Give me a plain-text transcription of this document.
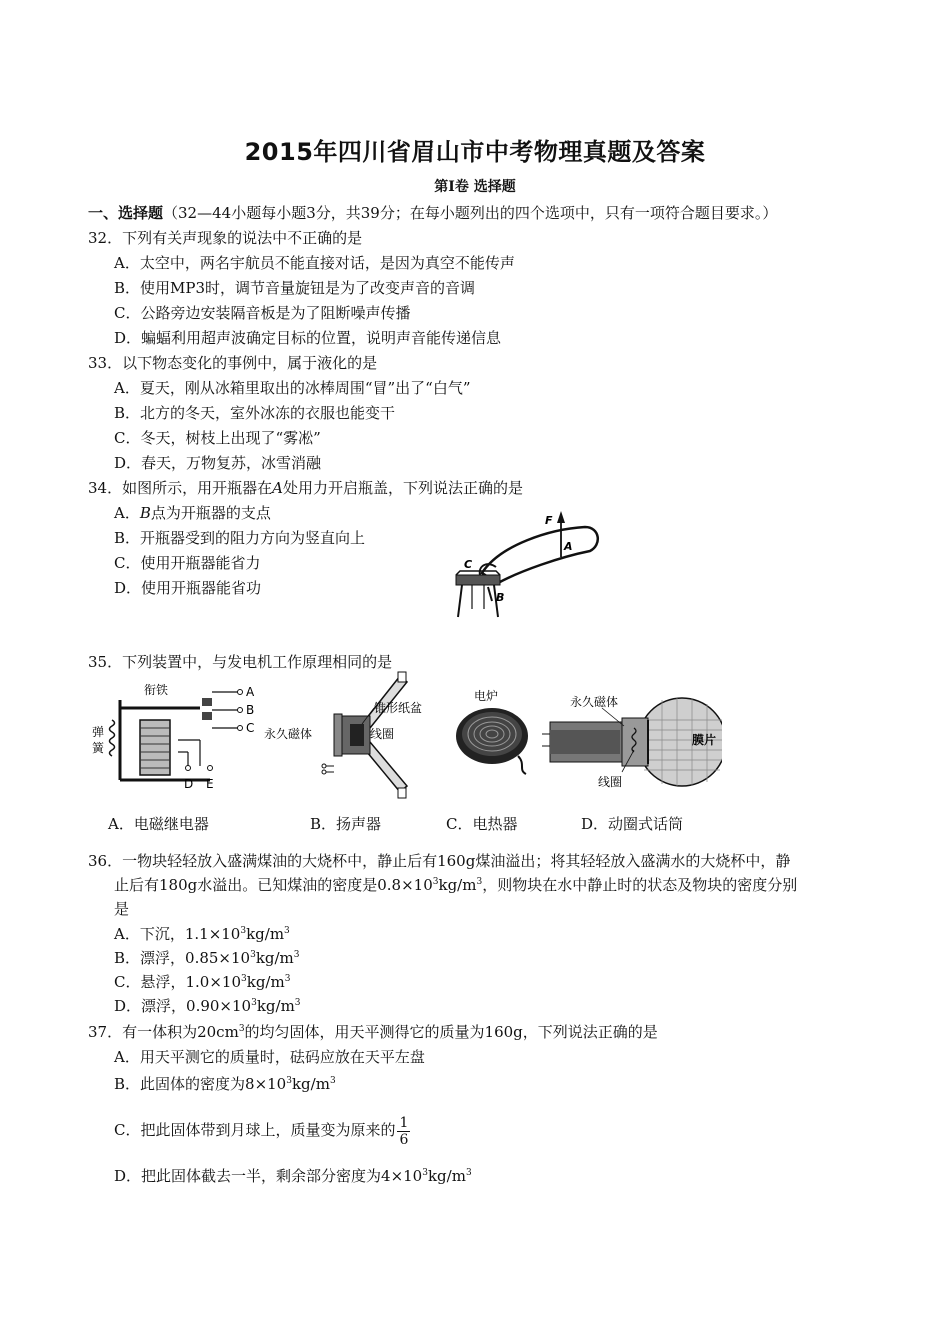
2015年四川省眉山市中考物理真题及答案
第Ⅰ卷 选择题
一、选择题（32—44小题每小题3分，共39分；在每小题列出的四个选项中，只有一项符合题目要求。）
32．下列有关声现象的说法中不正确的是
A．太空中，两名宇航员不能直接对话，是因为真空不能传声
B．使用MP3时，调节音量旋钮是为了改变声音的音调
C．公路旁边安装隔音板是为了阻断噪声传播
D．蝙蝠利用超声波确定目标的位置，说明声音能传递信息
33．以下物态变化的事例中，属于液化的是
A．夏天，刚从冰箱里取出的冰棒周围“冒”出了“白气”
B．北方的冬天，室外冰冻的衣服也能变干
C．冬天，树枝上出现了“雾凇”
D．春天，万物复苏，冰雪消融
34．如图所示，用开瓶器在A处用力开启瓶盖，下列说法正确的是
A．B点为开瓶器的支点
B．开瓶器受到的阻力方向为竖直向上
C．使用开瓶器能省力
D．使用开瓶器能省功
F
A
B
C
35．下列装置中，与发电机工作原理相同的是
衔铁
弹
簧
A
B
C
D E
锥形纸盆
永久磁体	线圈
电炉	永久磁体
膜片
线圈
A．电磁继电器	B．扬声器	C．电热器	D．动圈式话筒
36．一物块轻轻放入盛满煤油的大烧杯中，静止后有160g煤油溢出；将其轻轻放入盛满水的大烧杯中，静
止后有180g水溢出。已知煤油的密度是$0.8\times 10^3kg/m^3$，则物块在水中静止时的状态及物块的密度分别
是
A．下沉，$1.1\times 10^3kg/m^3$
B．漂浮，$0.85\times 10^3kg/m^3$
C．悬浮，$1.0\times 10^3kg/m^3$
D．漂浮，$0.90\times 10^3kg/m^3$
37．有一体积为$20cm^3$的均匀固体，用天平测得它的质量为160g，下列说法正确的是
A．用天平测它的质量时，砝码应放在天平左盘
B．此固体的密度为$8\times 10^3kg/m^3$
C．把此固体带到月球上，质量变为原来的 $\frac{1}{6}$
D．把此固体截去一半，剩余部分密度为$4\times 10^3kg/m^3$
